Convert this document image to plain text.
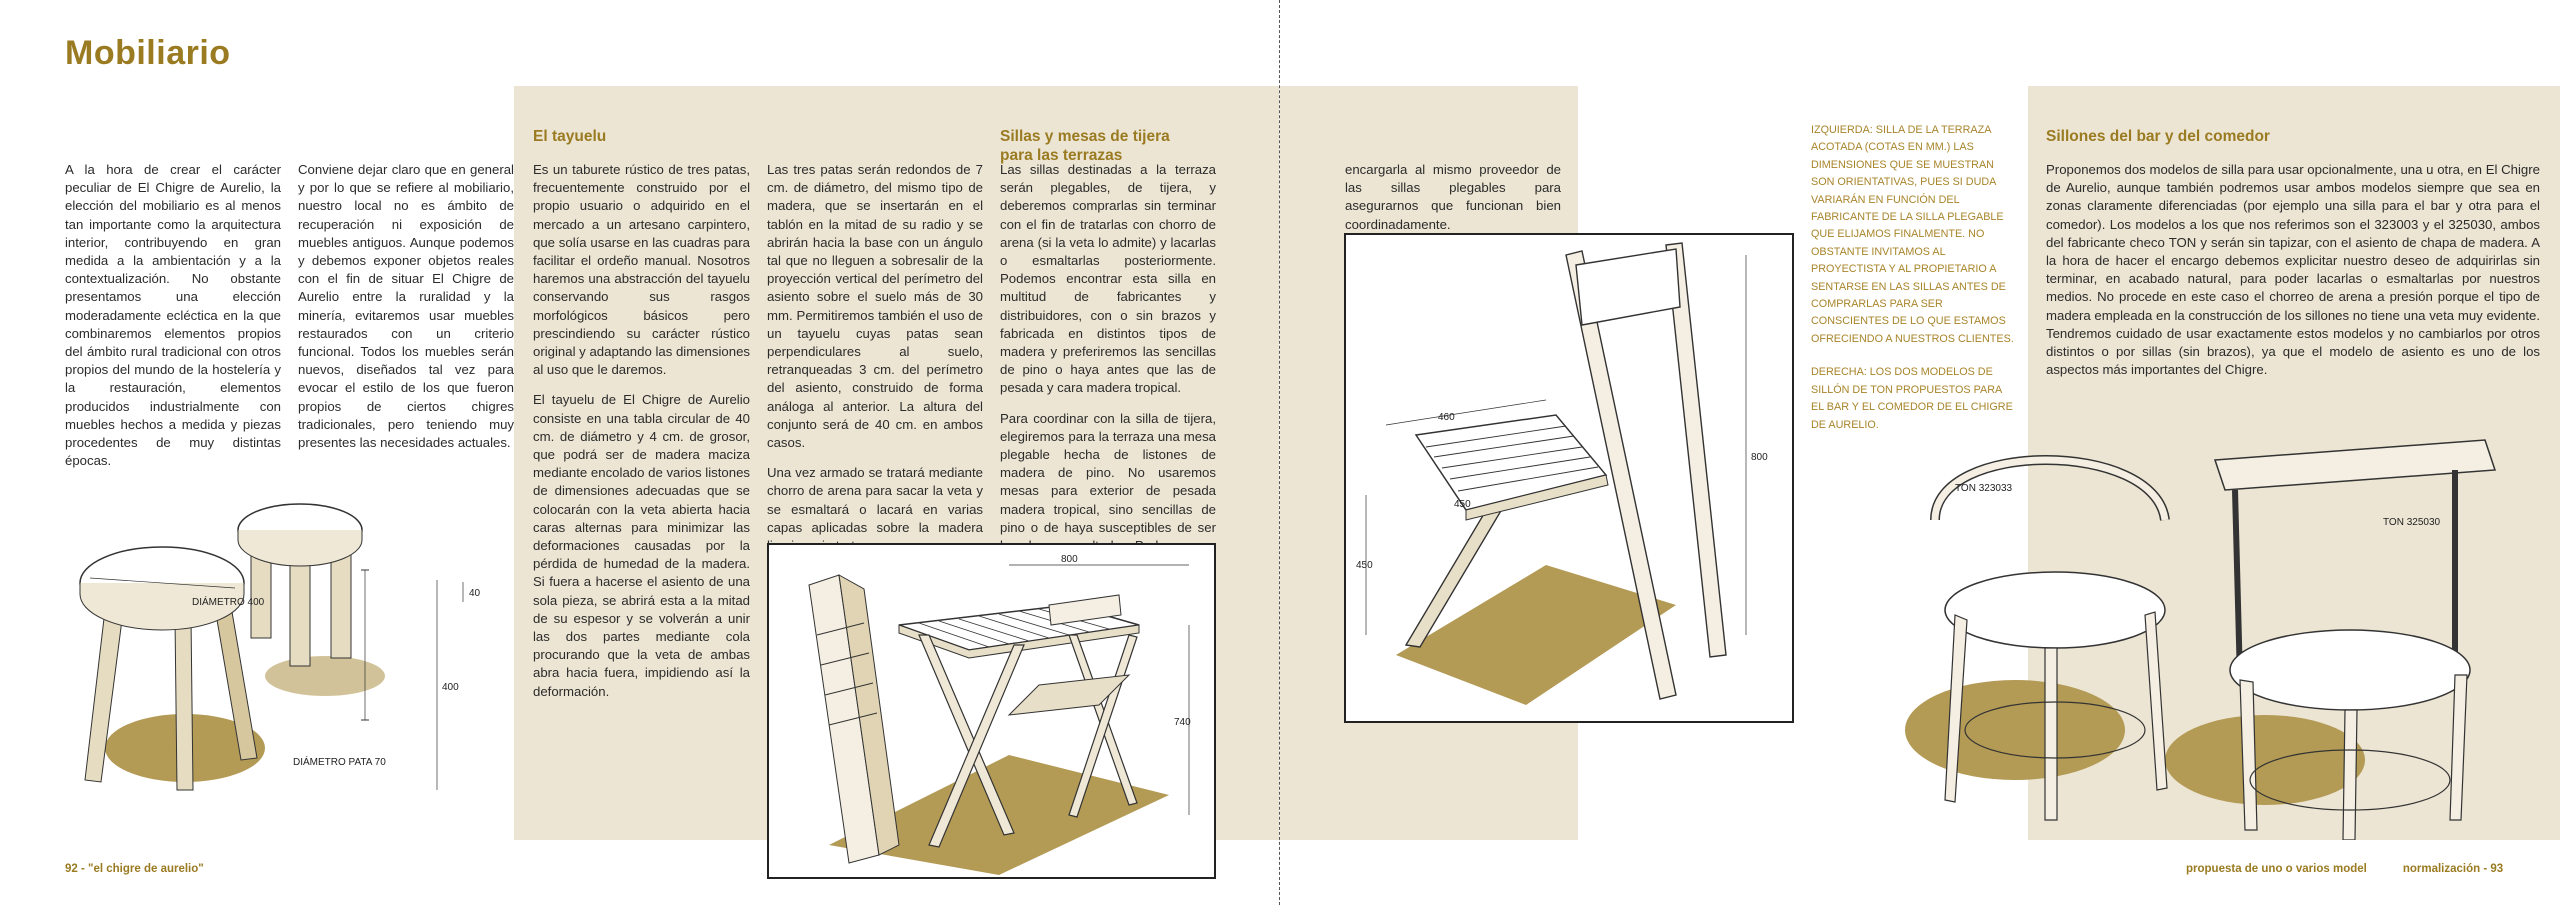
Mobiliario

A la hora de crear el carácter peculiar de El Chigre de Aurelio, la elección del mobiliario es al menos tan importante como la arquitectura interior, contribuyendo en gran medida a la ambientación y a la contextualización. No obstante presentamos una elección moderadamente ecléctica en la que combinaremos elementos propios del ámbito rural tradicional con otros propios del mundo de la hostelería y la restauración, elementos producidos industrialmente con muebles hechos a medida y piezas procedentes de muy distintas épocas.

Conviene dejar claro que en general y por lo que se refiere al mobiliario, nuestro local no es ámbito de recuperación ni exposición de muebles antiguos. Aunque podemos y debemos exponer objetos reales con el fin de situar El Chigre de Aurelio entre la ruralidad y la minería, evitaremos usar muebles restaurados con un criterio funcional. Todos los muebles serán nuevos, diseñados tal vez para evocar el estilo de los que fueron propios de ciertos chigres tradicionales, pero teniendo muy presentes las necesidades actuales.

DIÁMETRO 400
400
40
DIÁMETRO PATA 70
92 - "el chigre de aurelio"
El tayuelu

Es un taburete rústico de tres patas, frecuentemente construido por el propio usuario o adquirido en el mercado a un artesano carpintero, que solía usarse en las cuadras para facilitar el ordeño manual. Nosotros haremos una abstracción del tayuelu conservando sus rasgos morfológicos básicos pero prescindiendo su carácter rústico original y adaptando las dimensiones al uso que le daremos.

El tayuelu de El Chigre de Aurelio consiste en una tabla circular de 40 cm. de diámetro y 4 cm. de grosor, que podrá ser de madera maciza mediante encolado de varios listones de dimensiones adecuadas que se colocarán con la veta abierta hacia caras alternas para minimizar las deformaciones causadas por la pérdida de humedad de la madera. Si fuera a hacerse el asiento de una sola pieza, se abrirá esta a la mitad de su espesor y se volverán a unir las dos partes mediante cola procurando que la veta de ambas abra hacia fuera, impidiendo así la deformación.

Las tres patas serán redondos de 7 cm. de diámetro, del mismo tipo de madera, que se insertarán en el tablón en la mitad de su radio y se abrirán hacia la base con un ángulo tal que no lleguen a sobresalir de la proyección vertical del perímetro del asiento sobre el suelo más de 30 mm. Permitiremos también el uso de un tayuelu cuyas patas sean perpendiculares al suelo, retranqueadas 3 cm. del perímetro del asiento, construido de forma análoga al anterior. La altura del conjunto será de 40 cm. en ambos casos.

Una vez armado se tratará mediante chorro de arena para sacar la veta y se esmaltará o lacará en varias capas aplicadas sobre la madera

Sillas y mesas de tijera
para las terrazas

Las sillas destinadas a la terraza serán plegables, de tijera, y deberemos comprarlas sin terminar con el fin de tratarlas con chorro de arena (si la veta lo admite) y lacarlas o esmaltarlas posteriormente. Podemos encontrar esta silla en multitud de fabricantes y distribuidores, con o sin brazos y fabricada en distintos tipos de madera y preferiremos las sencillas de pino o haya antes que las de pesada y cara madera tropical.

Para coordinar con la silla de tijera, elegiremos para la terraza una mesa plegable hecha de listones de madera de pino. No usaremos mesas para exterior de pesada madera tropical, sino sencillas de pino o de haya susceptibles de ser

800
740

encargarla al mismo proveedor de las sillas plegables para asegurarnos que funcionan bien coordinadamente.

460
450
450
800

IZQUIERDA: SILLA DE LA TERRAZA ACOTADA (COTAS EN MM.) LAS DIMENSIONES QUE SE MUESTRAN SON ORIENTATIVAS, PUES SI DUDA VARIARÁN EN FUNCIÓN DEL FABRICANTE DE LA SILLA PLEGABLE QUE ELIJAMOS FINALMENTE. NO OBSTANTE INVITAMOS AL PROYECTISTA Y AL PROPIETARIO A SENTARSE EN LAS SILLAS ANTES DE COMPRARLAS PARA SER CONSCIENTES DE LO QUE ESTAMOS OFRECIENDO A NUESTROS CLIENTES.

DERECHA: LOS DOS MODELOS DE SILLÓN DE TON PROPUESTOS PARA EL BAR Y EL COMEDOR DE EL CHIGRE DE AURELIO.

Sillones del bar y del comedor

Proponemos dos modelos de silla para usar opcionalmente, una u otra, en El Chigre de Aurelio, aunque también podremos usar ambos modelos siempre que sea en zonas claramente diferenciadas (por ejemplo una silla para el bar y otra para el comedor). Los modelos a los que nos referimos son el 323003 y el 325030, ambos del fabricante checo TON y serán sin tapizar, con el asiento de chapa de madera. A la hora de hacer el encargo debemos explicitar nuestro deseo de adquirirlas sin terminar, en acabado natural, para poder lacarlas o esmaltarlas por nuestros medios. No procede en este caso el chorreo de arena a presión porque el tipo de madera empleada en la construcción de los sillones no tiene una veta muy evidente. Tendremos cuidado de usar exactamente estos modelos y no cambiarlos por otros distintos o por sillas (sin brazos), ya que el modelo de asiento es uno de los aspectos más importantes del Chigre.

TON 323033
TON 325030
propuesta de uno o varios model	normalización - 93
